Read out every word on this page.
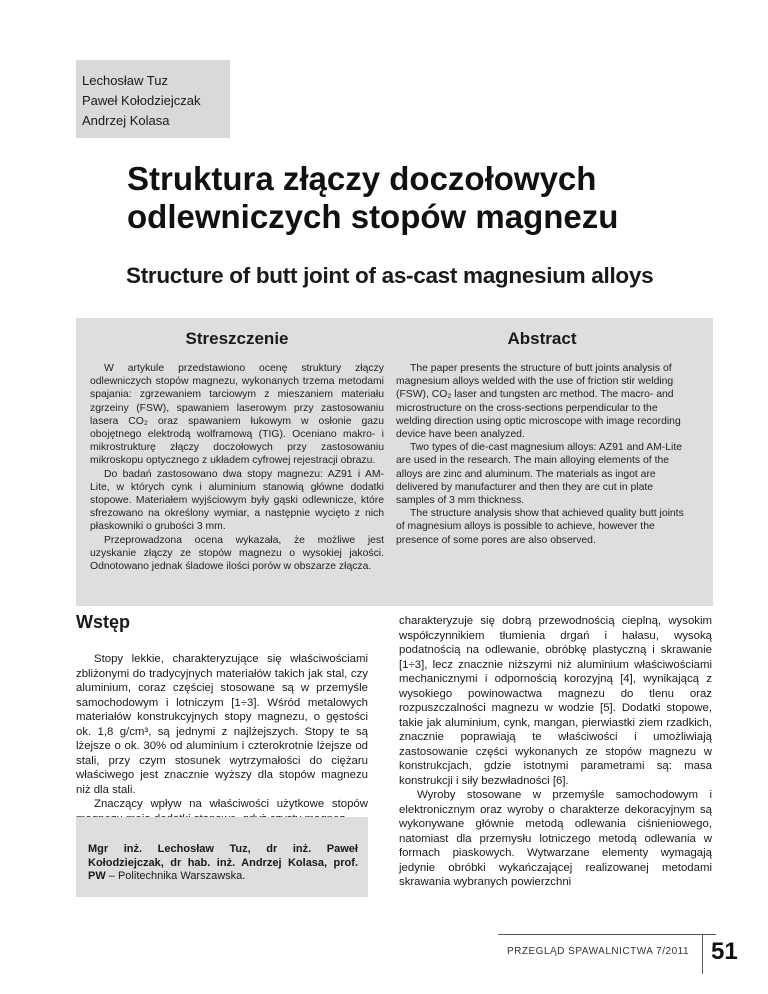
Lechosław Tuz
Paweł Kołodziejczak
Andrzej Kolasa
Struktura złączy doczołowych
odlewniczych stopów magnezu
Structure of butt joint of as-cast magnesium alloys
Streszczenie

W artykule przedstawiono ocenę struktury złączy odlewniczych stopów magnezu, wykonanych trzema metodami spajania: zgrzewaniem tarciowym z mieszaniem materiału zgrzeiny (FSW), spawaniem laserowym przy zastosowaniu lasera CO₂ oraz spawaniem łukowym w osłonie gazu obojętnego elektrodą wolframową (TIG). Oceniano makro- i mikrostrukturę złączy doczołowych przy zastosowaniu mikroskopu optycznego z układem cyfrowej rejestracji obrazu.

Do badań zastosowano dwa stopy magnezu: AZ91 i AM-Lite, w których cynk i aluminium stanowią główne dodatki stopowe. Materiałem wyjściowym były gąski odlewnicze, które sfrezowano na określony wymiar, a następnie wycięto z nich płaskowniki o grubości 3 mm.

Przeprowadzona ocena wykazała, że możliwe jest uzyskanie złączy ze stopów magnezu o wysokiej jakości. Odnotowano jednak śladowe ilości porów w obszarze złącza.

Abstract

The paper presents the structure of butt joints analysis of magnesium alloys welded with the use of friction stir welding (FSW), CO₂ laser and tungsten arc method. The macro- and microstructure on the cross-sections perpendicular to the welding direction using optic microscope with image recording device have been analyzed.

Two types of die-cast magnesium alloys: AZ91 and AM-Lite are used in the research. The main alloying elements of the alloys are zinc and aluminum. The materials as ingot are delivered by manufacturer and then they are cut in plate samples of 3 mm thickness.

The structure analysis show that achieved quality butt joints of magnesium alloys is possible to achieve, however the presence of some pores are also observed.

Wstęp

Stopy lekkie, charakteryzujące się właściwościami zbliżonymi do tradycyjnych materiałów takich jak stal, czy aluminium, coraz częściej stosowane są w przemyśle samochodowym i lotniczym [1÷3]. Wśród metalowych materiałów konstrukcyjnych stopy magnezu, o gęstości ok. 1,8 g/cm³, są jednymi z najlżejszych. Stopy te są lżejsze o ok. 30% od aluminium i czterokrotnie lżejsze od stali, przy czym stosunek wytrzymałości do ciężaru właściwego jest znacznie wyższy dla stopów magnezu niż dla stali.

Znaczący wpływ na właściwości użytkowe stopów

Mgr inż. Lechosław Tuz, dr inż. Paweł Kołodziejczak, dr hab. inż. Andrzej Kolasa, prof. PW – Politechnika Warszawska.

charakteryzuje się dobrą przewodnością cieplną, wysokim współczynnikiem tłumienia drgań i hałasu, wysoką podatnością na odlewanie, obróbkę plastyczną i skrawanie [1÷3], lecz znacznie niższymi niż aluminium właściwościami mechanicznymi i odpornością korozyjną [4], wynikającą z wysokiego powinowactwa magnezu do tlenu oraz rozpuszczalności magnezu w wodzie [5]. Dodatki stopowe, takie jak aluminium, cynk, mangan, pierwiastki ziem rzadkich, znacznie poprawiają te właściwości i umożliwiają zastosowanie części wykonanych ze stopów magnezu w konstrukcjach, gdzie istotnymi parametrami są: masa konstrukcji i siły bezwładności [6].

Wyroby stosowane w przemyśle samochodowym i elektronicznym oraz wyroby o charakterze dekoracyjnym są wykonywane głównie metodą odlewania ciśnieniowego, natomiast dla przemysłu lotniczego metodą odlewania w formach piaskowych. Wytwarzane elementy wymagają jedynie obróbki wykańczającej realizowanej metodami skrawania wybranych powierzchni

PRZEGLĄD SPAWALNICTWA 7/2011 51
